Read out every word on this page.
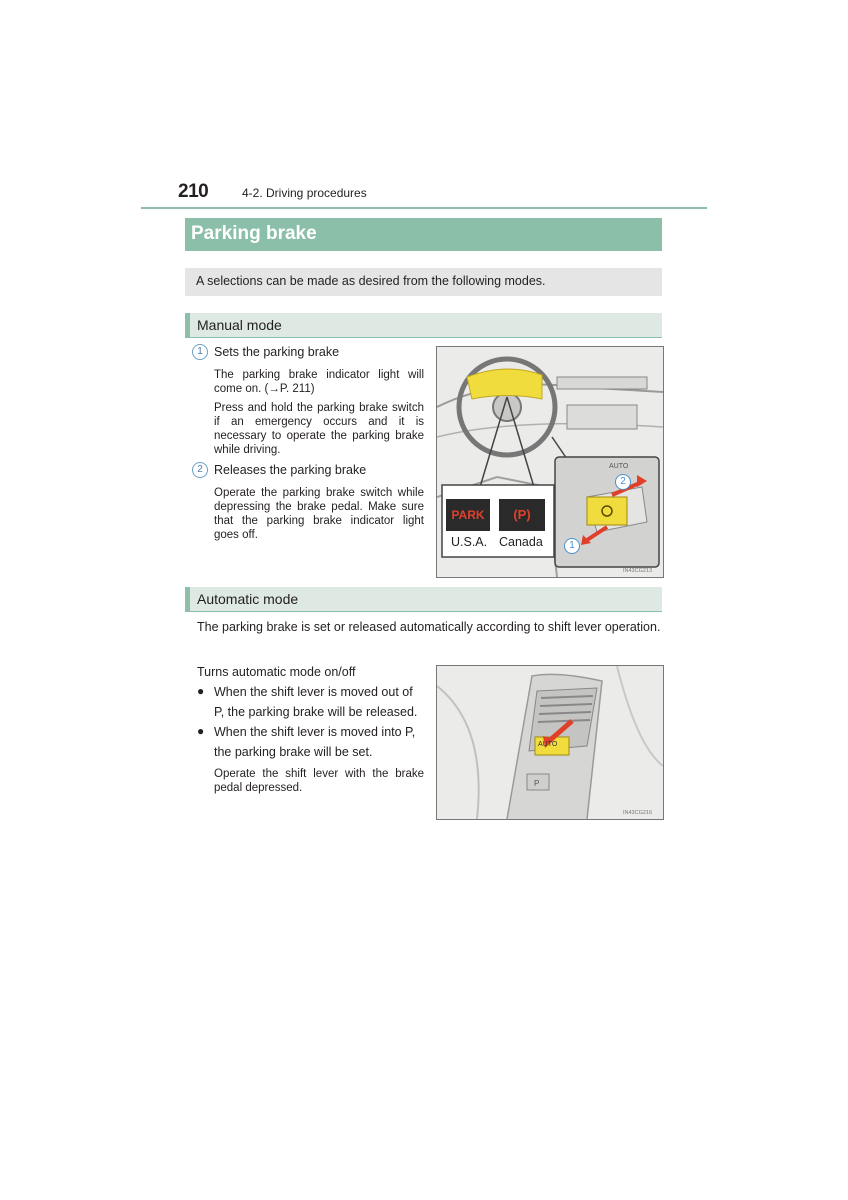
210	4-2. Driving procedures
Parking brake
A selections can be made as desired from the following modes.
Manual mode
1 Sets the parking brake
The parking brake indicator light will come on. (→P. 211)
Press and hold the parking brake switch if an emergency occurs and it is necessary to operate the parking brake while driving.
2 Releases the parking brake
Operate the parking brake switch while depressing the brake pedal. Make sure that the parking brake indicator light goes off.
PARK	(P)
U.S.A. Canada
AUTO
2
1
IN43CG213
Automatic mode
The parking brake is set or released automatically according to shift lever operation.
Turns automatic mode on/off
● When the shift lever is moved out of P, the parking brake will be released.
● When the shift lever is moved into P, the parking brake will be set.
Operate the shift lever with the brake pedal depressed.	P
AUTO
IN43CG216
